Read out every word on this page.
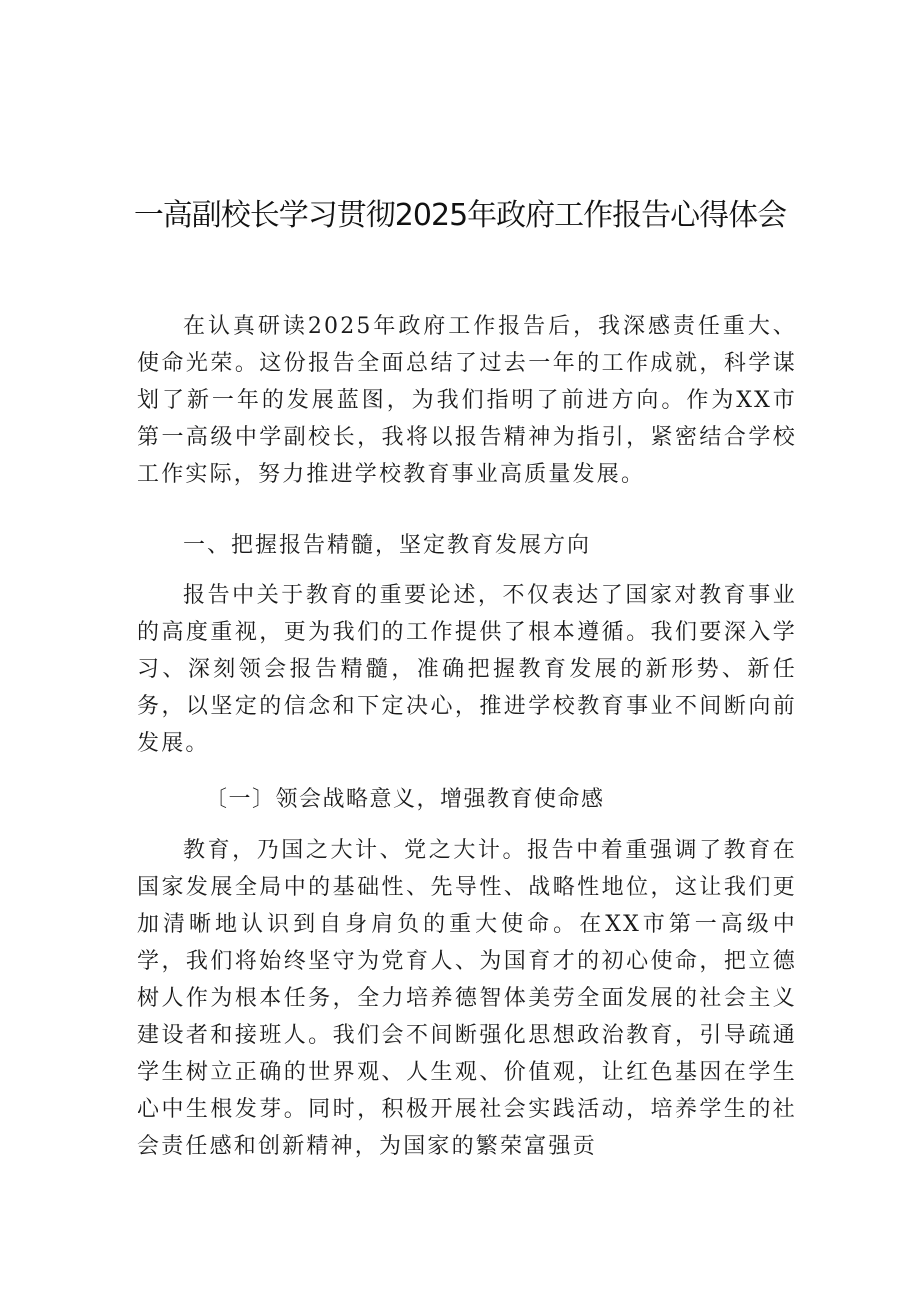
一高副校长学习贯彻2025年政府工作报告心得体会

在认真研读2025年政府工作报告后，我深感责任重大、使命光荣。这份报告全面总结了过去一年的工作成就，科学谋划了新一年的发展蓝图，为我们指明了前进方向。作为XX市第一高级中学副校长，我将以报告精神为指引，紧密结合学校工作实际，努力推进学校教育事业高质量发展。

一、把握报告精髓，坚定教育发展方向

报告中关于教育的重要论述，不仅表达了国家对教育事业的高度重视，更为我们的工作提供了根本遵循。我们要深入学习、深刻领会报告精髓，准确把握教育发展的新形势、新任务，以坚定的信念和下定决心，推进学校教育事业不间断向前发展。

〔一〕领会战略意义，增强教育使命感

教育，乃国之大计、党之大计。报告中着重强调了教育在国家发展全局中的基础性、先导性、战略性地位，这让我们更加清晰地认识到自身肩负的重大使命。在XX市第一高级中学，我们将始终坚守为党育人、为国育才的初心使命，把立德树人作为根本任务，全力培养德智体美劳全面发展的社会主义建设者和接班人。我们会不间断强化思想政治教育，引导疏通学生树立正确的世界观、人生观、价值观，让红色基因在学生心中生根发芽。同时，积极开展社会实践活动，培养学生的社会责任感和创新精神，为国家的繁荣富强贡
